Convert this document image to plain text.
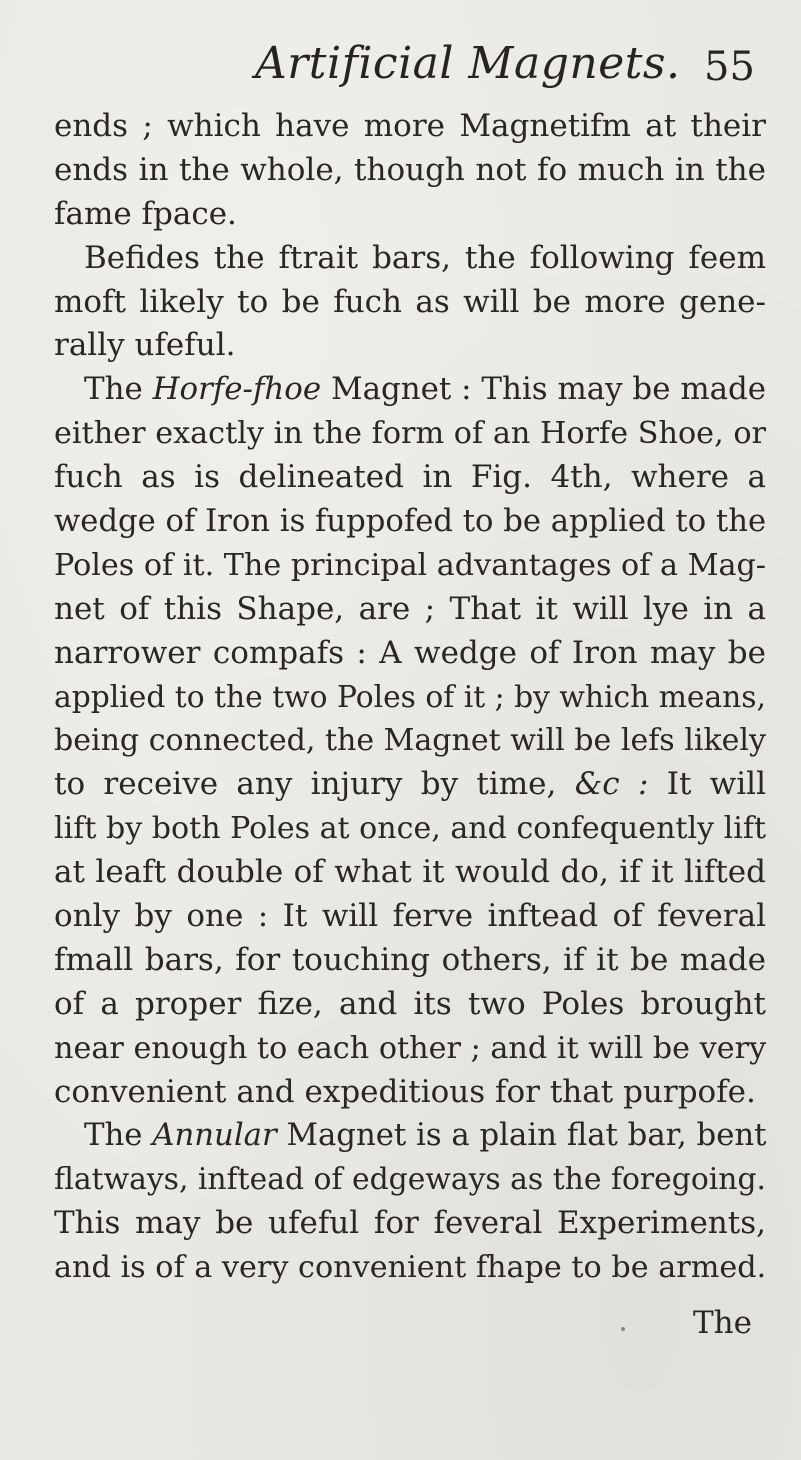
Artificial Magnets. 55
ends ; which have more Magnetifm at their
ends in the whole, though not fo much in the
fame fpace.
Befides the ftrait bars, the following feem
moft likely to be fuch as will be more gene-
rally ufeful.
The Horfe-fhoe Magnet : This may be made
either exactly in the form of an Horfe Shoe, or
fuch as is delineated in Fig. 4th, where a
wedge of Iron is fuppofed to be applied to the
Poles of it. The principal advantages of a Mag-
net of this Shape, are ; That it will lye in a
narrower compafs : A wedge of Iron may be
applied to the two Poles of it ; by which means,
being connected, the Magnet will be lefs likely
to receive any injury by time, &c : It will
lift by both Poles at once, and confequently lift
at leaft double of what it would do, if it lifted
only by one : It will ferve inftead of feveral
fmall bars, for touching others, if it be made
of a proper fize, and its two Poles brought
near enough to each other ; and it will be very
convenient and expeditious for that purpofe.
The Annular Magnet is a plain flat bar, bent
flatways, inftead of edgeways as the foregoing.
This may be ufeful for feveral Experiments,
and is of a very convenient fhape to be armed.
The
